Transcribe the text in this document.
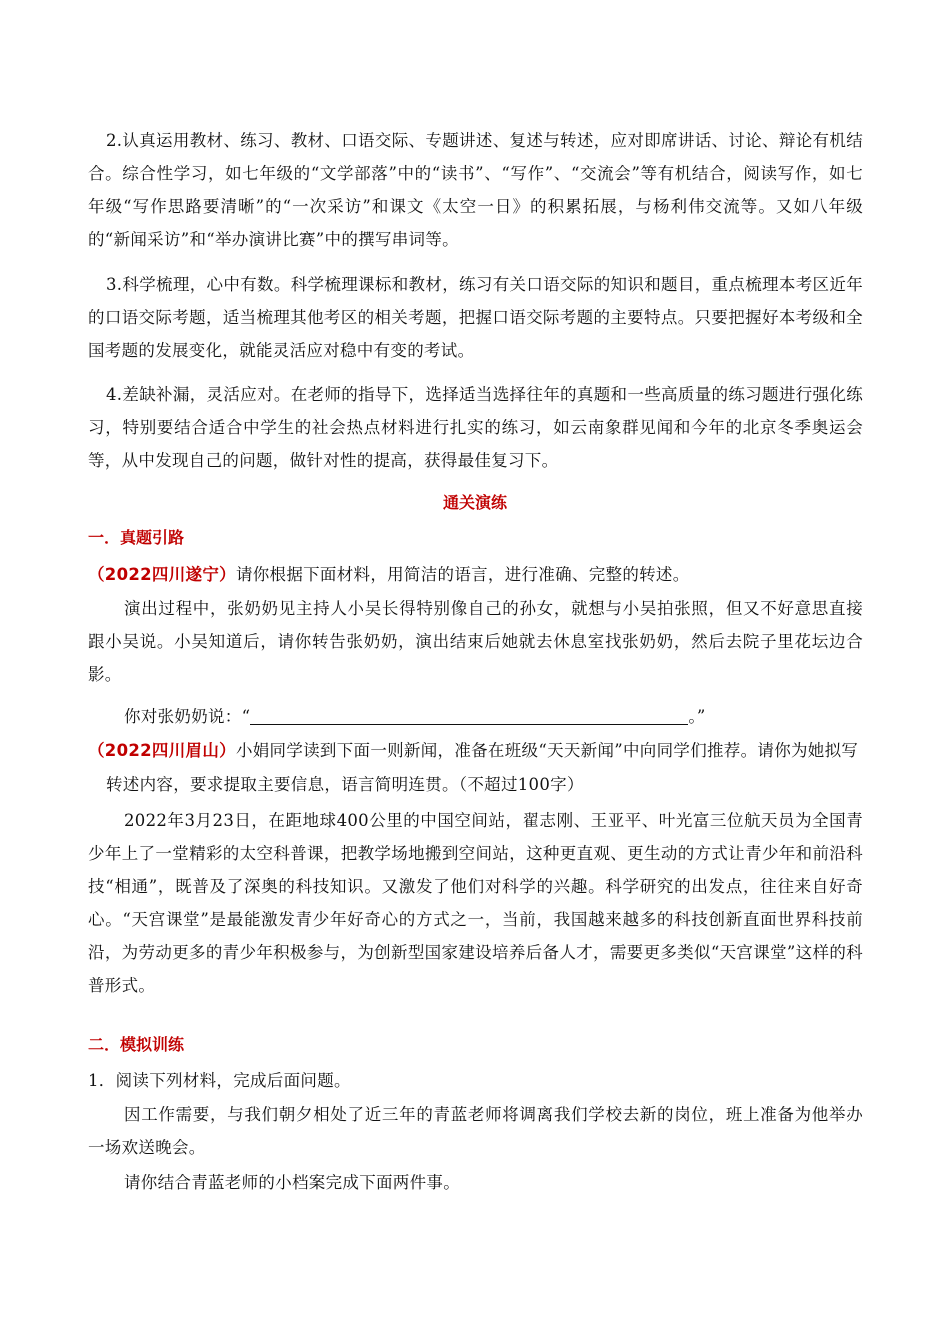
2.认真运用教材、练习、教材、口语交际、专题讲述、复述与转述，应对即席讲话、讨论、辩论有机结合。综合性学习，如七年级的“文学部落”中的“读书”、“写作”、“交流会”等有机结合，阅读写作，如七年级“写作思路要清晰”的“一次采访”和课文《太空一日》的积累拓展，与杨利伟交流等。又如八年级的“新闻采访”和“举办演讲比赛”中的撰写串词等。

3.科学梳理，心中有数。科学梳理课标和教材，练习有关口语交际的知识和题目，重点梳理本考区近年的口语交际考题，适当梳理其他考区的相关考题，把握口语交际考题的主要特点。只要把握好本考级和全国考题的发展变化，就能灵活应对稳中有变的考试。

4.差缺补漏，灵活应对。在老师的指导下，选择适当选择往年的真题和一些高质量的练习题进行强化练习，特别要结合适合中学生的社会热点材料进行扎实的练习，如云南象群见闻和今年的北京冬季奥运会等，从中发现自己的问题，做针对性的提高，获得最佳复习下。

通关演练

一．真题引路

（2022四川遂宁）请你根据下面材料，用简洁的语言，进行准确、完整的转述。

演出过程中，张奶奶见主持人小吴长得特别像自己的孙女，就想与小吴拍张照，但又不好意思直接跟小吴说。小吴知道后，请你转告张奶奶，演出结束后她就去休息室找张奶奶，然后去院子里花坛边合影。

你对张奶奶说：“	。”

（2022四川眉山）小娟同学读到下面一则新闻，准备在班级“天天新闻”中向同学们推荐。请你为她拟写

转述内容，要求提取主要信息，语言简明连贯。（不超过100字）

2022年3月23日，在距地球400公里的中国空间站，翟志刚、王亚平、叶光富三位航天员为全国青少年上了一堂精彩的太空科普课，把教学场地搬到空间站，这种更直观、更生动的方式让青少年和前沿科技“相通”，既普及了深奥的科技知识。又激发了他们对科学的兴趣。科学研究的出发点，往往来自好奇心。“天宫课堂”是最能激发青少年好奇心的方式之一，当前，我国越来越多的科技创新直面世界科技前沿，为劳动更多的青少年积极参与，为创新型国家建设培养后备人才，需要更多类似“天宫课堂”这样的科普形式。

二．模拟训练

1．阅读下列材料，完成后面问题。

因工作需要，与我们朝夕相处了近三年的青蓝老师将调离我们学校去新的岗位，班上准备为他举办一场欢送晚会。

请你结合青蓝老师的小档案完成下面两件事。
